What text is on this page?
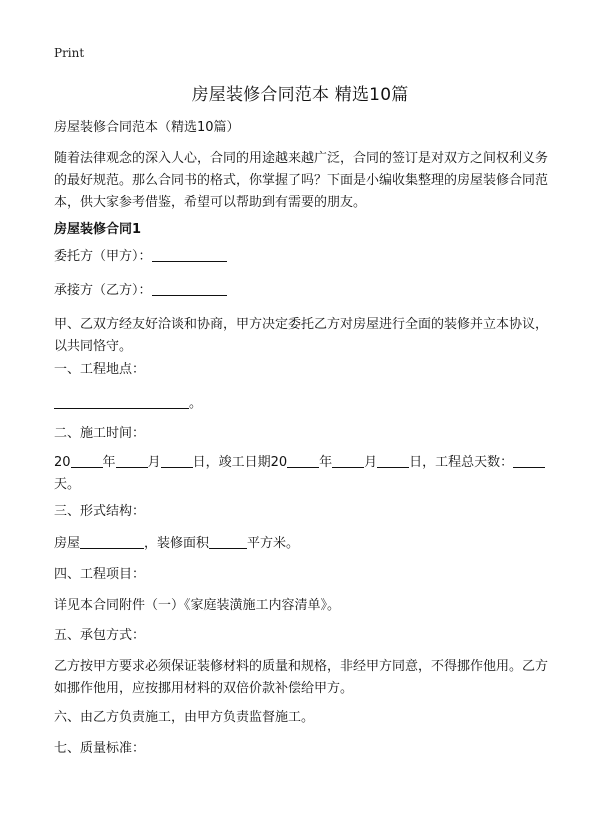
Print
房屋装修合同范本 精选10篇
房屋装修合同范本（精选10篇）
随着法律观念的深入人心，合同的用途越来越广泛，合同的签订是对双方之间权利义务的最好规范。那么合同书的格式，你掌握了吗？下面是小编收集整理的房屋装修合同范本，供大家参考借鉴，希望可以帮助到有需要的朋友。
房屋装修合同1
委托方（甲方）：
承接方（乙方）：
甲、乙双方经友好洽谈和协商，甲方决定委托乙方对房屋进行全面的装修并立本协议，以共同恪守。
一、工程地点：
。
二、施工时间：
20 年 月 日，竣工日期20 年 月 日，工程总天数：天。
三、形式结构：
房屋	，装修面积	平方米。
四、工程项目：
详见本合同附件（一）《家庭装潢施工内容清单》。
五、承包方式：
乙方按甲方要求必须保证装修材料的质量和规格，非经甲方同意，不得挪作他用。乙方如挪作他用，应按挪用材料的双倍价款补偿给甲方。
六、由乙方负责施工，由甲方负责监督施工。
七、质量标准：
